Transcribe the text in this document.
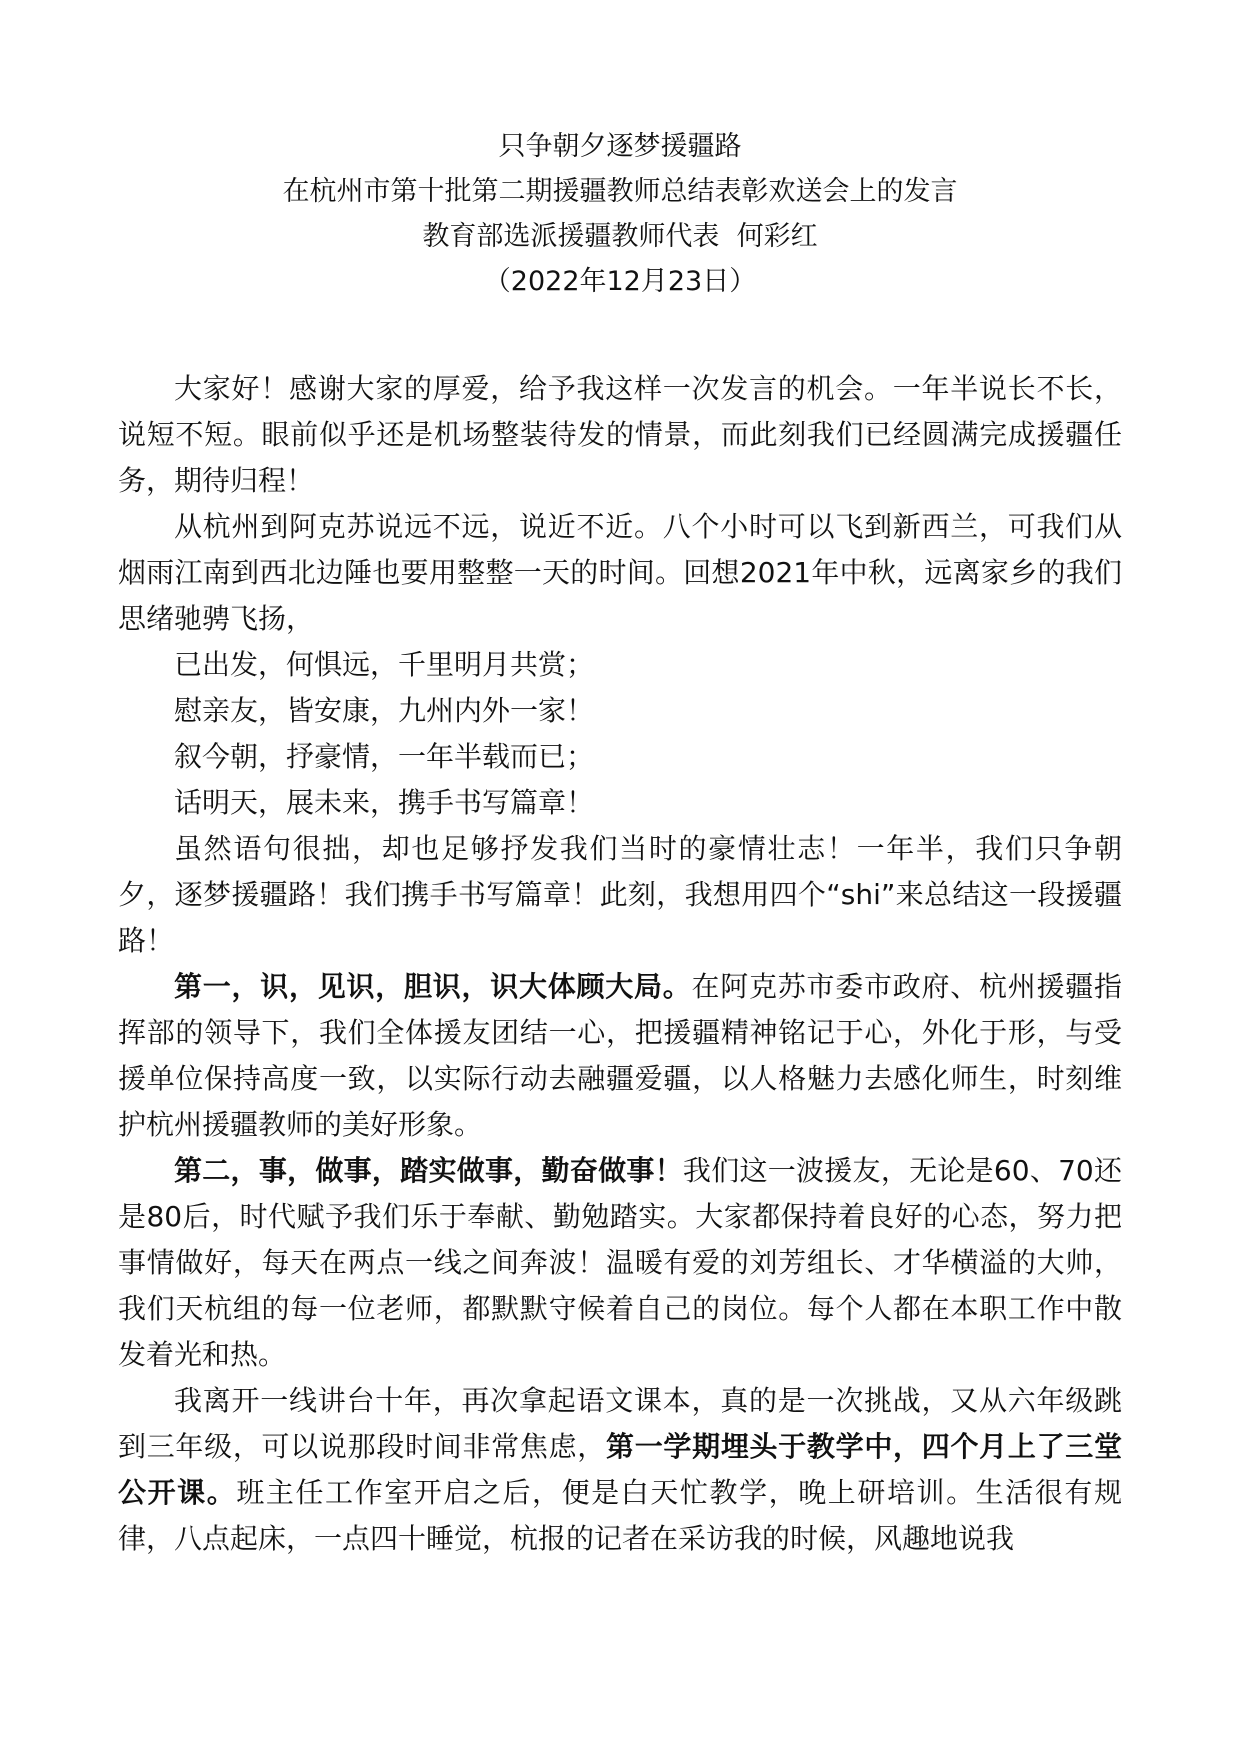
只争朝夕逐梦援疆路
在杭州市第十批第二期援疆教师总结表彰欢送会上的发言
教育部选派援疆教师代表  何彩红
（2022年12月23日）

大家好！感谢大家的厚爱，给予我这样一次发言的机会。一年半说长不长，说短不短。眼前似乎还是机场整装待发的情景，而此刻我们已经圆满完成援疆任务，期待归程！

从杭州到阿克苏说远不远，说近不近。八个小时可以飞到新西兰，可我们从烟雨江南到西北边陲也要用整整一天的时间。回想2021年中秋，远离家乡的我们思绪驰骋飞扬，

已出发，何惧远，千里明月共赏；

慰亲友，皆安康，九州内外一家！

叙今朝，抒豪情，一年半载而已；

话明天，展未来，携手书写篇章！

虽然语句很拙，却也足够抒发我们当时的豪情壮志！一年半，我们只争朝夕，逐梦援疆路！我们携手书写篇章！此刻，我想用四个“shi”来总结这一段援疆路！

第一，识，见识，胆识，识大体顾大局。在阿克苏市委市政府、杭州援疆指挥部的领导下，我们全体援友团结一心，把援疆精神铭记于心，外化于形，与受援单位保持高度一致，以实际行动去融疆爱疆，以人格魅力去感化师生，时刻维护杭州援疆教师的美好形象。

第二，事，做事，踏实做事，勤奋做事！我们这一波援友，无论是60、70还是80后，时代赋予我们乐于奉献、勤勉踏实。大家都保持着良好的心态，努力把事情做好，每天在两点一线之间奔波！温暖有爱的刘芳组长、才华横溢的大帅，我们天杭组的每一位老师，都默默守候着自己的岗位。每个人都在本职工作中散发着光和热。

我离开一线讲台十年，再次拿起语文课本，真的是一次挑战，又从六年级跳到三年级，可以说那段时间非常焦虑，第一学期埋头于教学中，四个月上了三堂公开课。班主任工作室开启之后，便是白天忙教学，晚上研培训。生活很有规律，八点起床，一点四十睡觉，杭报的记者在采访我的时候，风趣地说我
